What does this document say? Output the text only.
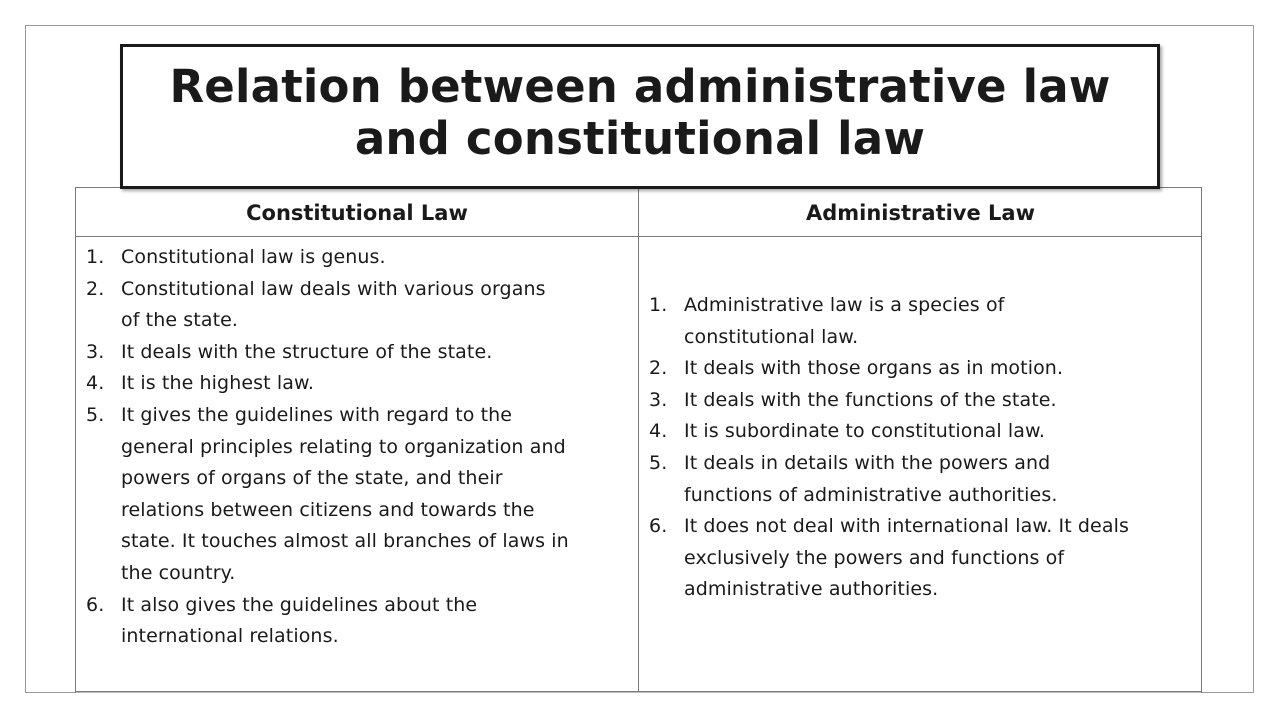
Constitutional Law	Administrative Law
1. Constitutional law is genus.
2. Constitutional law deals with various organs
of the state.
3. It deals with the structure of the state.
4. It is the highest law.
5. It gives the guidelines with regard to the
general principles relating to organization and
powers of organs of the state, and their
relations between citizens and towards the
state. It touches almost all branches of laws in
the country.
6. It also gives the guidelines about the
international relations.
1. Administrative law is a species of
constitutional law.
2. It deals with those organs as in motion.
3. It deals with the functions of the state.
4. It is subordinate to constitutional law.
5. It deals in details with the powers and
functions of administrative authorities.
6. It does not deal with international law. It deals
exclusively the powers and functions of
administrative authorities.
Relation between administrative law
and constitutional law
